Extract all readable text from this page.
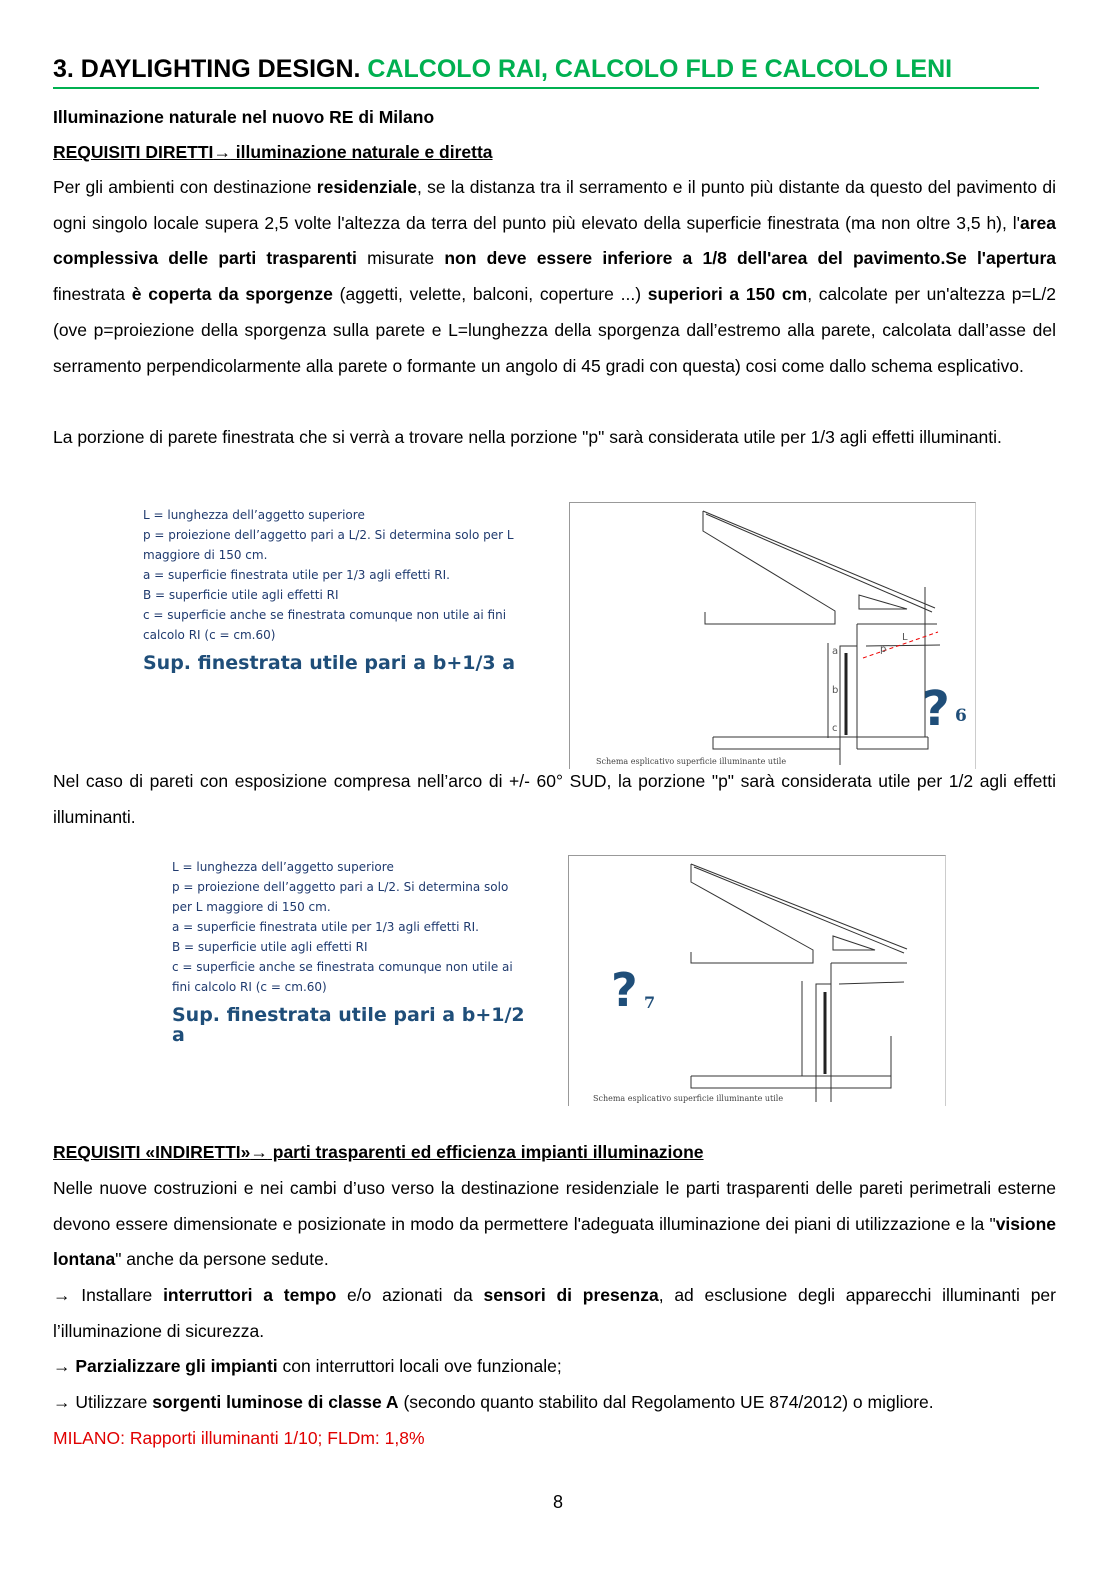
3. DAYLIGHTING DESIGN. CALCOLO RAI, CALCOLO FLD E CALCOLO LENI
Illuminazione naturale nel nuovo RE di Milano
REQUISITI DIRETTI→ illuminazione naturale e diretta
Per gli ambienti con destinazione residenziale, se la distanza tra il serramento e il punto più distante da questo del pavimento di ogni singolo locale supera 2,5 volte l'altezza da terra del punto più elevato della superficie finestrata (ma non oltre 3,5 h), l'area complessiva delle parti trasparenti misurate non deve essere inferiore a 1/8 dell'area del pavimento.Se l'apertura finestrata è coperta da sporgenze (aggetti, velette, balconi, coperture ...) superiori a 150 cm, calcolate per un'altezza p=L/2 (ove p=proiezione della sporgenza sulla parete e L=lunghezza della sporgenza dall’estremo alla parete, calcolata dall’asse del serramento perpendicolarmente alla parete o formante un angolo di 45 gradi con questa) cosi come dallo schema esplicativo.
La porzione di parete finestrata che si verrà a trovare nella porzione "p" sarà considerata utile per 1/3 agli effetti illuminanti.
L = lunghezza dell’aggetto superiore
p = proiezione dell’aggetto pari a L/2. Si determina solo per L maggiore di 150 cm.
a = superficie finestrata utile per 1/3 agli effetti RI.
B = superficie utile agli effetti RI
c = superficie anche se finestrata comunque non utile ai fini calcolo RI (c = cm.60)
Sup. finestrata utile pari a b+1/3 a
a
b
c
L
p
? 6
Schema esplicativo superficie illuminante utile
Nel caso di pareti con esposizione compresa nell’arco di +/- 60° SUD, la porzione "p" sarà considerata utile per 1/2 agli effetti illuminanti.
L = lunghezza dell’aggetto superiore
p = proiezione dell’aggetto pari a L/2. Si determina solo per L maggiore di 150 cm.
a = superficie finestrata utile per 1/3 agli effetti RI.
B = superficie utile agli effetti RI
c = superficie anche se finestrata comunque non utile ai fini calcolo RI (c = cm.60)
Sup. finestrata utile pari a b+1/2 a
? 7
Schema esplicativo superficie illuminante utile
REQUISITI «INDIRETTI»→ parti trasparenti ed efficienza impianti illuminazione
Nelle nuove costruzioni e nei cambi d’uso verso la destinazione residenziale le parti trasparenti delle pareti perimetrali esterne devono essere dimensionate e posizionate in modo da permettere l'adeguata illuminazione dei piani di utilizzazione e la "visione lontana" anche da persone sedute.
→ Installare interruttori a tempo e/o azionati da sensori di presenza, ad esclusione degli apparecchi illuminanti per l’illuminazione di sicurezza.
→ Parzializzare gli impianti con interruttori locali ove funzionale;
→ Utilizzare sorgenti luminose di classe A (secondo quanto stabilito dal Regolamento UE 874/2012) o migliore.
MILANO: Rapporti illuminanti 1/10; FLDm: 1,8%
8
